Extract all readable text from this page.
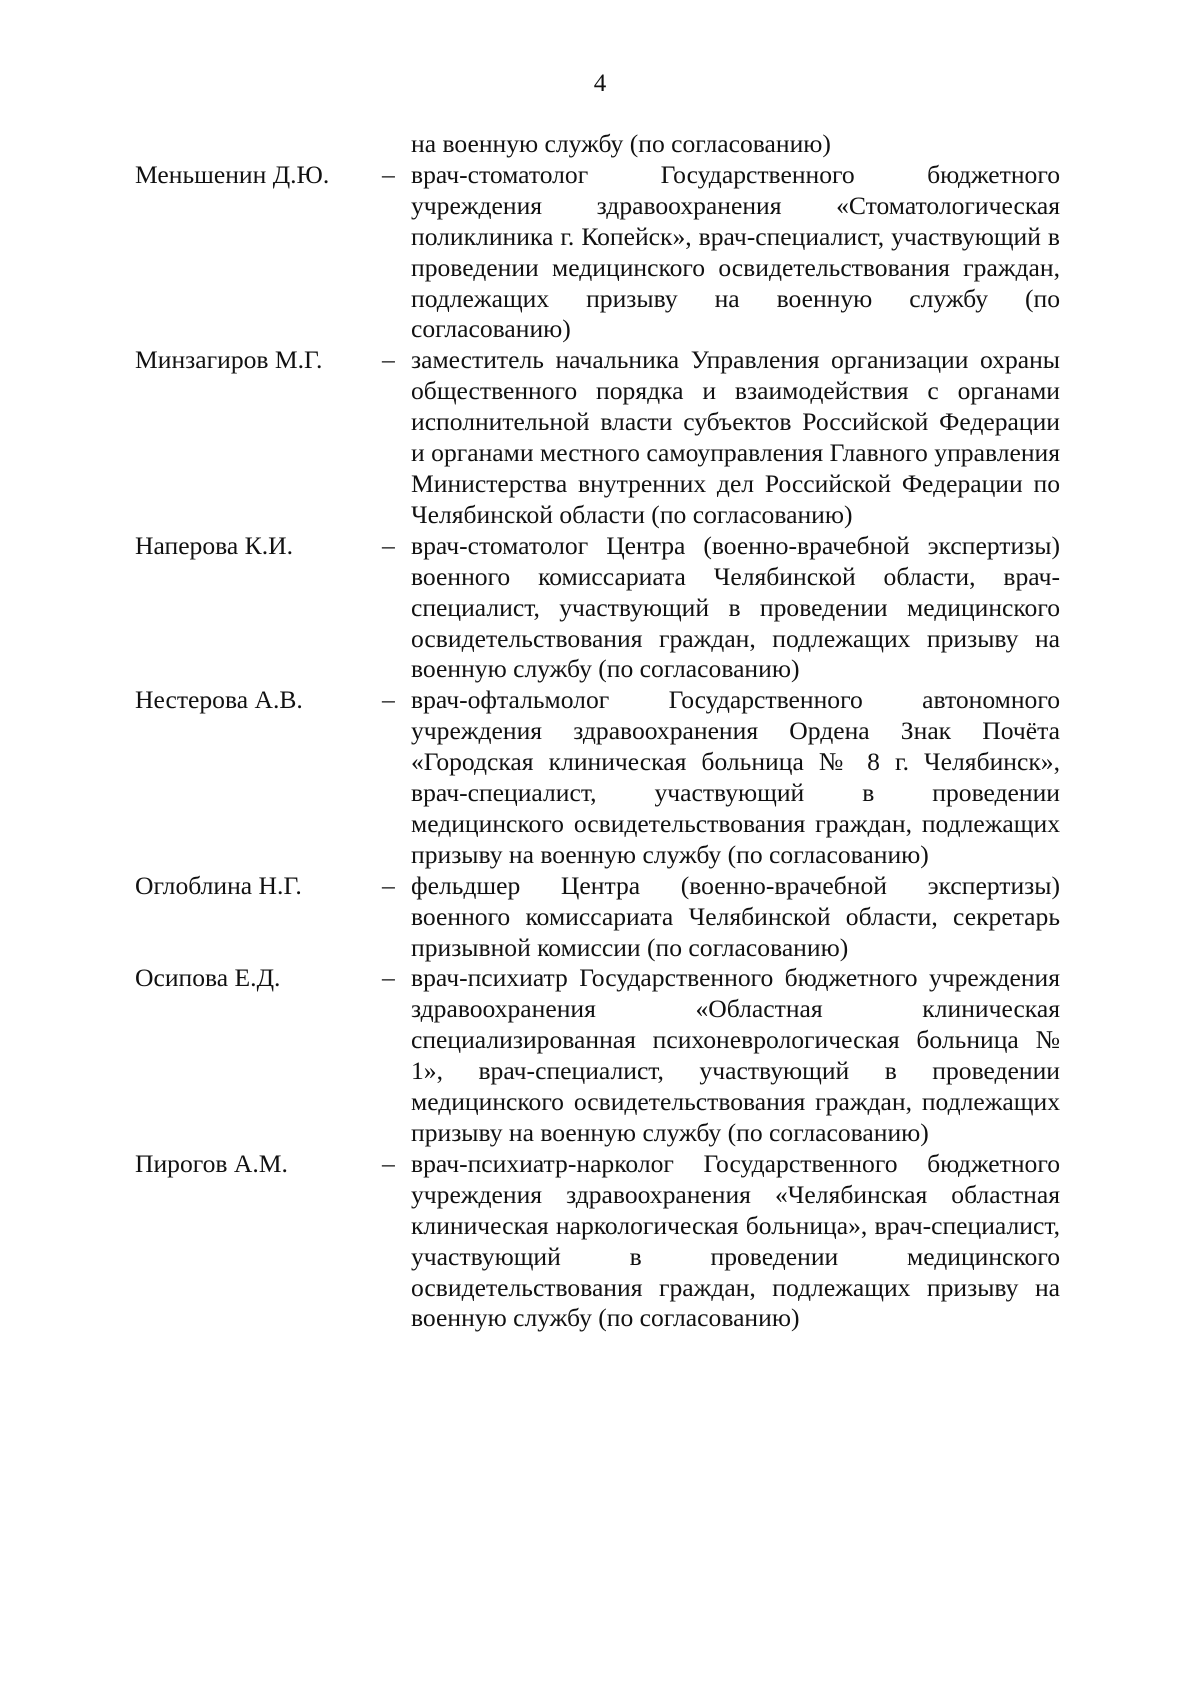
4
на военную службу (по согласованию)
Меньшенин Д.Ю.	– врач-стоматолог Государственного бюджетного учреждения здравоохранения «Стоматологическая поликлиника г. Копейск», врач-специалист, участвующий в проведении медицинского освидетельствования граждан, подлежащих призыву на военную службу (по согласованию)
Минзагиров М.Г.	– заместитель начальника Управления организации охраны общественного порядка и взаимодействия с органами исполнительной власти субъектов Российской Федерации и органами местного самоуправления Главного управления Министерства внутренних дел Российской Федерации по Челябинской области (по согласованию)
Наперова К.И.	– врач-стоматолог Центра (военно-врачебной экспертизы) военного комиссариата Челябинской области, врач-специалист, участвующий в проведении медицинского освидетельствования граждан, подлежащих призыву на военную службу (по согласованию)
Нестерова А.В.	– врач-офтальмолог Государственного автономного учреждения здравоохранения Ордена Знак Почёта «Городская клиническая больница № 8 г. Челябинск», врач-специалист, участвующий в проведении медицинского освидетельствования граждан, подлежащих призыву на военную службу (по согласованию)
Оглоблина Н.Г.	– фельдшер Центра (военно-врачебной экспертизы) военного комиссариата Челябинской области, секретарь призывной комиссии (по согласованию)
Осипова Е.Д.	– врач-психиатр Государственного бюджетного учреждения здравоохранения «Областная клиническая специализированная психоневрологическая больница № 1», врач-специалист, участвующий в проведении медицинского освидетельствования граждан, подлежащих призыву на военную службу (по согласованию)
Пирогов А.М.	– врач-психиатр-нарколог Государственного бюджетного учреждения здравоохранения «Челябинская областная клиническая наркологическая больница», врач-специалист, участвующий в проведении медицинского освидетельствования граждан, подлежащих призыву на военную службу (по согласованию)
